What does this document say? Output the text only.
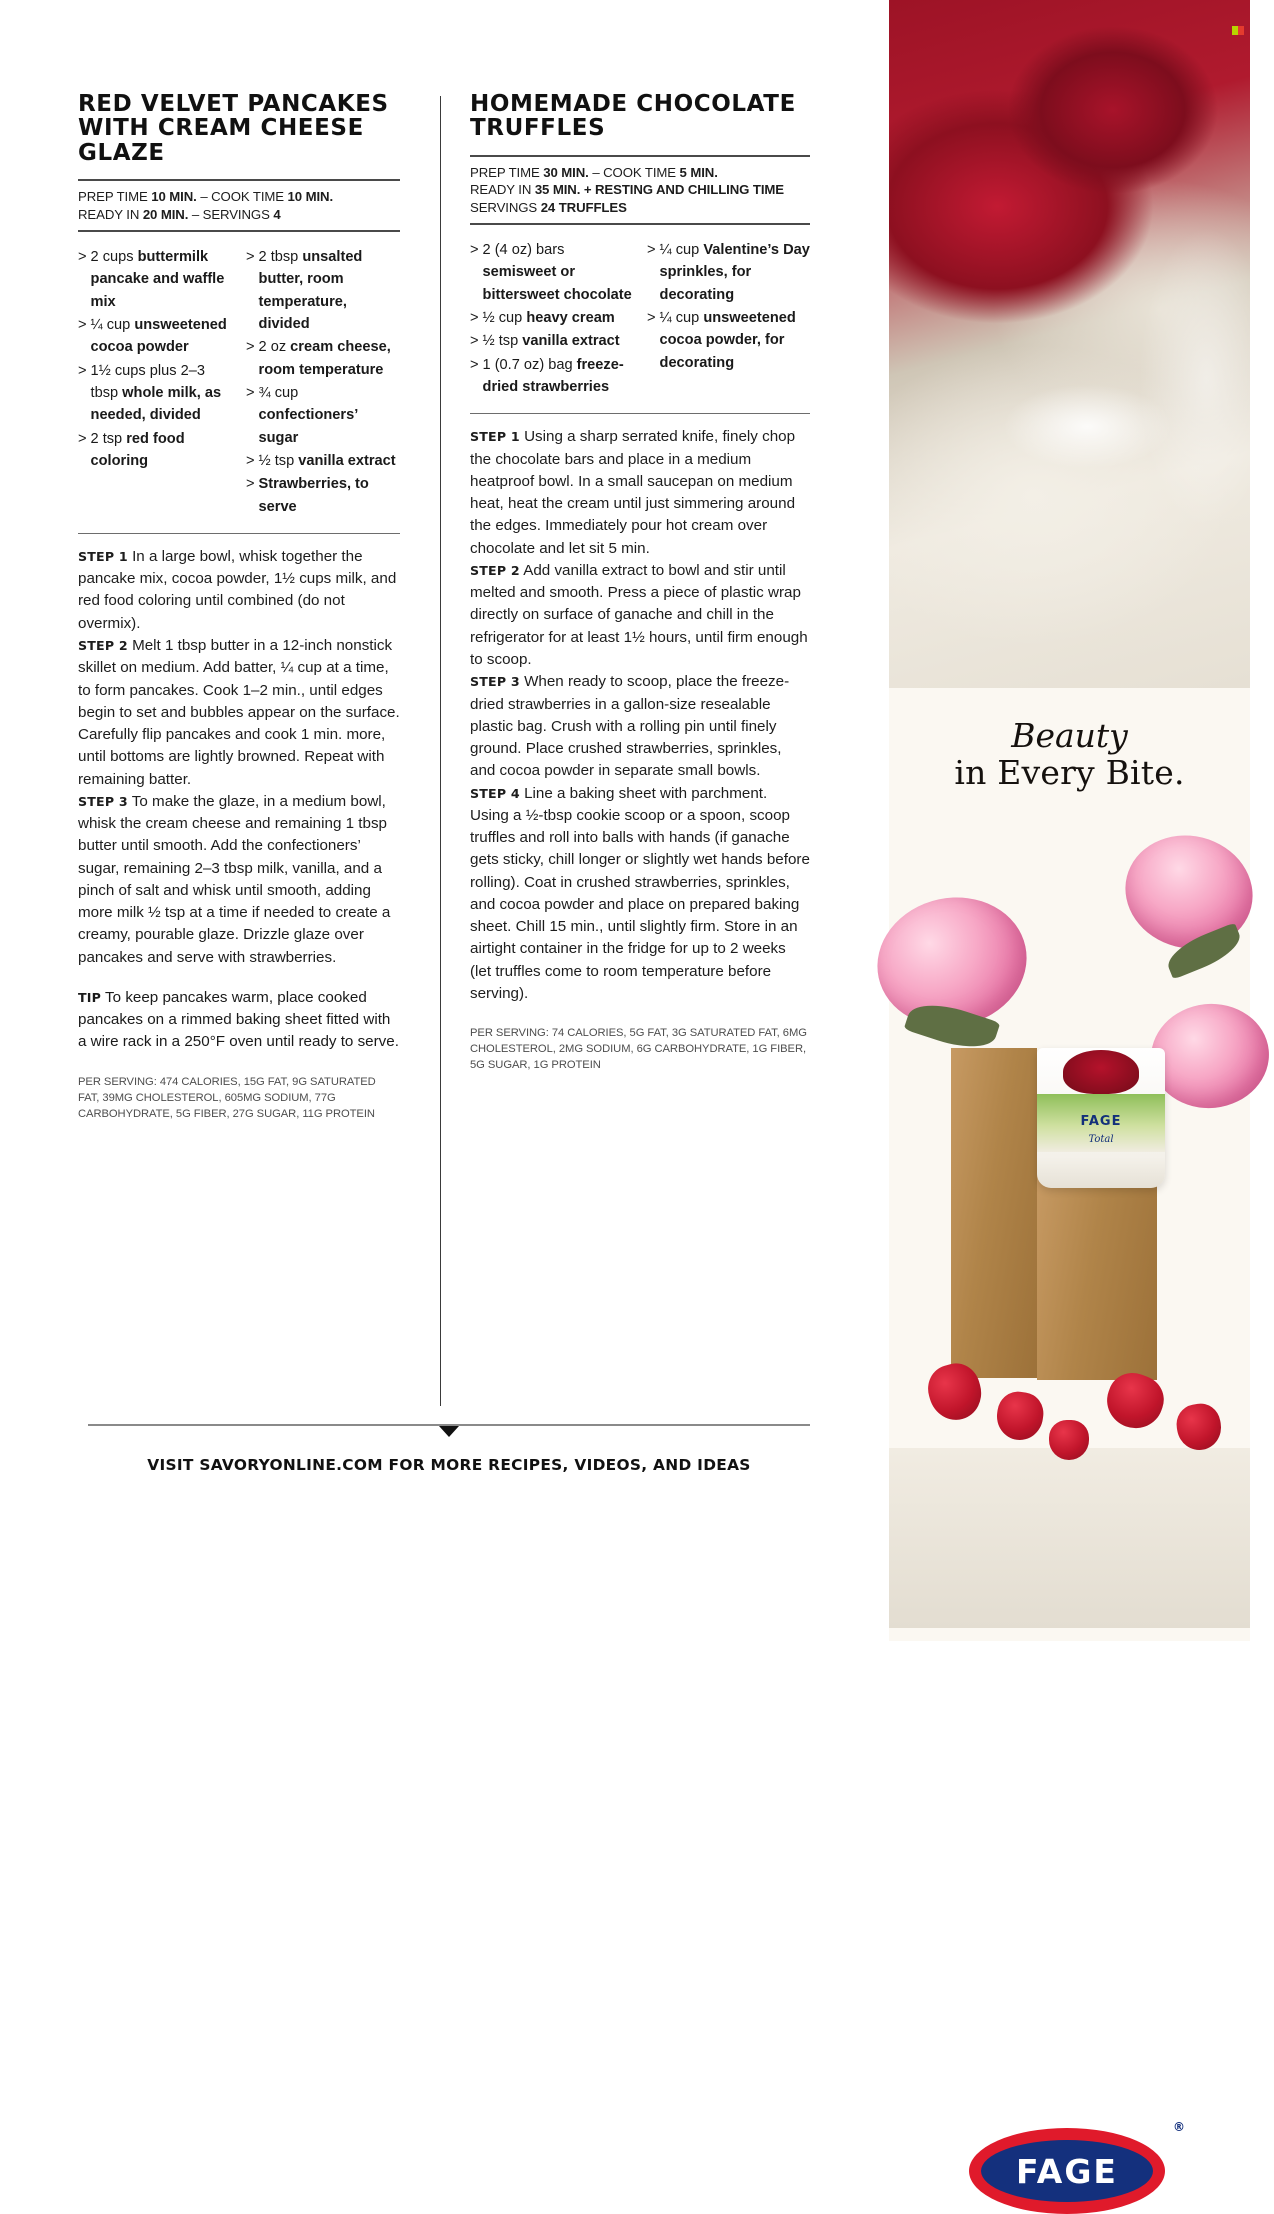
RED VELVET PANCAKES WITH CREAM CHEESE GLAZE
PREP TIME 10 MIN. – COOK TIME 10 MIN.
READY IN 20 MIN. – SERVINGS 4
> 2 cups buttermilk pancake and waffle mix
> ¼ cup unsweetened cocoa powder
> 1½ cups plus 2–3 tbsp whole milk, as needed, divided
> 2 tsp red food coloring
> 2 tbsp unsalted butter, room temperature, divided
> 2 oz cream cheese, room temperature
> ¾ cup confectioners’ sugar
> ½ tsp vanilla extract
> Strawberries, to serve

STEP 1 In a large bowl, whisk together the pancake mix, cocoa powder, 1½ cups milk, and red food coloring until combined (do not overmix).

STEP 2 Melt 1 tbsp butter in a 12-inch nonstick skillet on medium. Add batter, ¼ cup at a time, to form pancakes. Cook 1–2 min., until edges begin to set and bubbles appear on the surface. Carefully flip pancakes and cook 1 min. more, until bottoms are lightly browned. Repeat with remaining batter.

STEP 3 To make the glaze, in a medium bowl, whisk the cream cheese and remaining 1 tbsp butter until smooth. Add the confectioners’ sugar, remaining 2–3 tbsp milk, vanilla, and a pinch of salt and whisk until smooth, adding more milk ½ tsp at a time if needed to create a creamy, pourable glaze. Drizzle glaze over pancakes and serve with strawberries.

TIP To keep pancakes warm, place cooked pancakes on a rimmed baking sheet fitted with a wire rack in a 250°F oven until ready to serve.

PER SERVING: 474 CALORIES, 15G FAT, 9G SATURATED FAT, 39MG CHOLESTEROL, 605MG SODIUM, 77G CARBOHYDRATE, 5G FIBER, 27G SUGAR, 11G PROTEIN

HOMEMADE CHOCOLATE TRUFFLES
PREP TIME 30 MIN. – COOK TIME 5 MIN.
READY IN 35 MIN. + RESTING AND CHILLING TIME
SERVINGS 24 TRUFFLES
> 2 (4 oz) bars semisweet or bittersweet chocolate
> ½ cup heavy cream
> ½ tsp vanilla extract
> 1 (0.7 oz) bag freeze-dried strawberries
> ¼ cup Valentine’s Day sprinkles, for decorating
> ¼ cup unsweetened cocoa powder, for decorating

STEP 1 Using a sharp serrated knife, finely chop the chocolate bars and place in a medium heatproof bowl. In a small saucepan on medium heat, heat the cream until just simmering around the edges. Immediately pour hot cream over chocolate and let sit 5 min.

STEP 2 Add vanilla extract to bowl and stir until melted and smooth. Press a piece of plastic wrap directly on surface of ganache and chill in the refrigerator for at least 1½ hours, until firm enough to scoop.

STEP 3 When ready to scoop, place the freeze-dried strawberries in a gallon-size resealable plastic bag. Crush with a rolling pin until finely ground. Place crushed strawberries, sprinkles, and cocoa powder in separate small bowls.

STEP 4 Line a baking sheet with parchment. Using a ½-tbsp cookie scoop or a spoon, scoop truffles and roll into balls with hands (if ganache gets sticky, chill longer or slightly wet hands before rolling). Coat in crushed strawberries, sprinkles, and cocoa powder and place on prepared baking sheet. Chill 15 min., until slightly firm. Store in an airtight container in the fridge for up to 2 weeks (let truffles come to room temperature before serving).

PER SERVING: 74 CALORIES, 5G FAT, 3G SATURATED FAT, 6MG CHOLESTEROL, 2MG SODIUM, 6G CARBOHYDRATE, 1G FIBER, 5G SUGAR, 1G PROTEIN

VISIT SAVORYONLINE.COM FOR MORE RECIPES, VIDEOS, AND IDEAS
Beauty
in Every Bite.
FAGE
Total
FAGE
®
